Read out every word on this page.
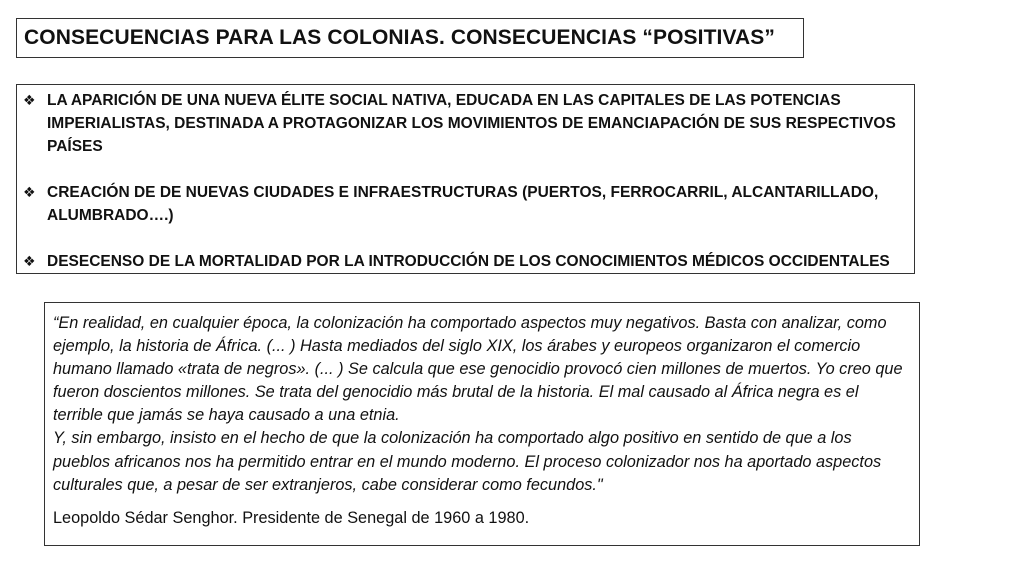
CONSECUENCIAS PARA LAS COLONIAS. CONSECUENCIAS “POSITIVAS”
❖ LA APARICIÓN DE UNA NUEVA ÉLITE SOCIAL NATIVA, EDUCADA EN LAS CAPITALES DE LAS POTENCIAS IMPERIALISTAS, DESTINADA A PROTAGONIZAR LOS MOVIMIENTOS DE EMANCIAPACIÓN DE SUS RESPECTIVOS PAÍSES
❖ CREACIÓN DE DE NUEVAS CIUDADES E INFRAESTRUCTURAS (PUERTOS, FERROCARRIL, ALCANTARILLADO, ALUMBRADO….)
❖ DESECENSO DE LA MORTALIDAD POR LA INTRODUCCIÓN DE LOS CONOCIMIENTOS MÉDICOS OCCIDENTALES

“En realidad, en cualquier época, la colonización ha comportado aspectos muy negativos. Basta con analizar, como ejemplo, la historia de África. (... ) Hasta mediados del siglo XIX, los árabes y europeos organizaron el comercio humano llamado «trata de negros». (... ) Se calcula que ese genocidio provocó cien millones de muertos. Yo creo que fueron doscientos millones. Se trata del genocidio más brutal de la historia. El mal causado al África negra es el terrible que jamás se haya causado a una etnia.

Y, sin embargo, insisto en el hecho de que la colonización ha comportado algo positivo en sentido de que a los pueblos africanos nos ha permitido entrar en el mundo moderno. El proceso colonizador nos ha aportado aspectos culturales que, a pesar de ser extranjeros, cabe considerar como fecundos."

Leopoldo Sédar Senghor. Presidente de Senegal de 1960 a 1980.
